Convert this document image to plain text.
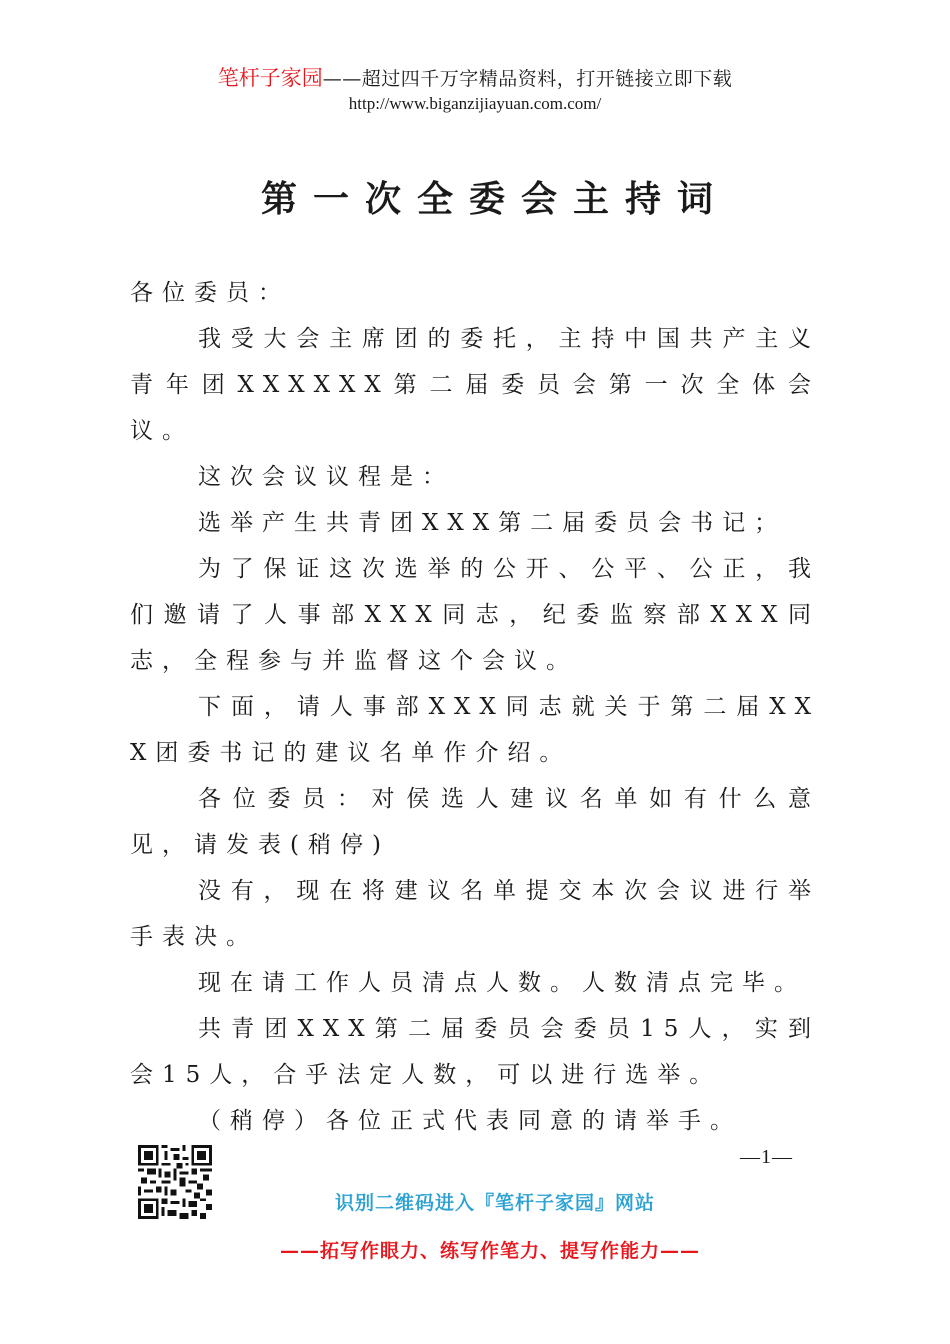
笔杆子家园——超过四千万字精品资料，打开链接立即下载
http://www.biganzijiayuan.com.com/
第一次全委会主持词

各位委员：

我受大会主席团的委托，主持中国共产主义青年团XXXXXX第二届委员会第一次全体会议。

这次会议议程是：

选举产生共青团XXX第二届委员会书记；

为了保证这次选举的公开、公平、公正，我们邀请了人事部XXX同志，纪委监察部XXX同志，全程参与并监督这个会议。

下面，请人事部XXX同志就关于第二届XXX团委书记的建议名单作介绍。

各位委员：对侯选人建议名单如有什么意见，请发表(稍停)

没有，现在将建议名单提交本次会议进行举手表决。

现在请工作人员清点人数。人数清点完毕。

共青团XXX第二届委员会委员15人，实到会15人，合乎法定人数，可以进行选举。

（稍停）各位正式代表同意的请举手。

—1—
识别二维码进入『笔杆子家园』网站
——拓写作眼力、练写作笔力、提写作能力——
